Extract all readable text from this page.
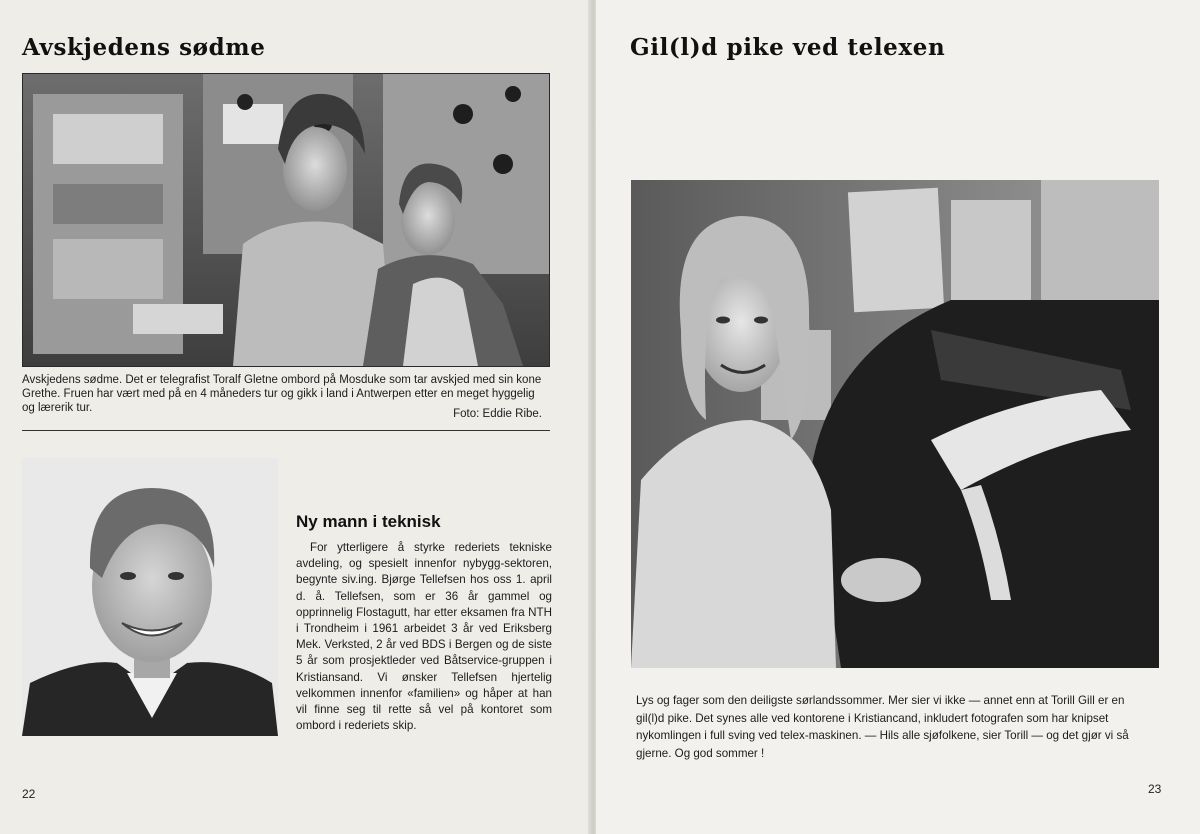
Avskjedens sødme

Avskjedens sødme. Det er telegrafist Toralf Gletne ombord på Mosduke som tar avskjed med sin kone Grethe. Fruen har vært med på en 4 måneders tur og gikk i land i Antwerpen etter en meget hyggelig og lærerik tur.	Foto: Eddie Ribe.

Ny mann i teknisk

For ytterligere å styrke rederiets tekniske avdeling, og spesielt innenfor nybygg-sektoren, begynte siv.ing. Bjørge Tellefsen hos oss 1. april d. å. Tellefsen, som er 36 år gammel og opprinnelig Flostagutt, har etter eksamen fra NTH i Trondheim i 1961 arbeidet 3 år ved Eriksberg Mek. Verksted, 2 år ved BDS i Bergen og de siste 5 år som prosjektleder ved Båtservice-gruppen i Kristiansand. Vi ønsker Tellefsen hjertelig velkommen innenfor «familien» og håper at han vil finne seg til rette så vel på kontoret som ombord i rederiets skip.

22

Gil(l)d pike ved telexen

Lys og fager som den deiligste sørlandssommer. Mer sier vi ikke — annet enn at Torill Gill er en gil(l)d pike. Det synes alle ved kontorene i Kristiancand, inkludert fotografen som har knipset nykomlingen i full sving ved telex-maskinen. — Hils alle sjøfolkene, sier Torill — og det gjør vi så gjerne. Og god sommer !

23
